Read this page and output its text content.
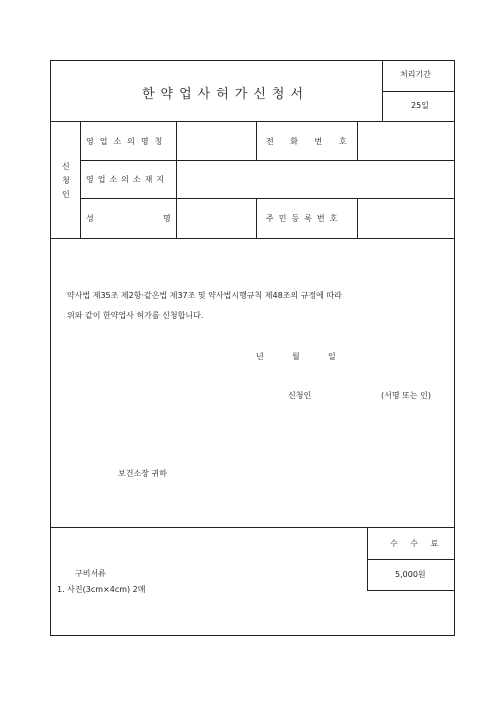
한약업사허가신청서
처리기간
25일
신
청
인
영업소의명칭	전 화 번 호
영업소의소재지
성	명	주민등록번호
약사법 제35조 제2항·같은법 제37조 및 약사법시행규칙 제48조의 규정에 따라
위와 같이 한약업사 허가를 신청합니다.
년	월	일
신청인	(서명 또는 인)
보건소장 귀하
수 수 료
5,000원
구비서류
1. 사진(3cm×4cm) 2매
